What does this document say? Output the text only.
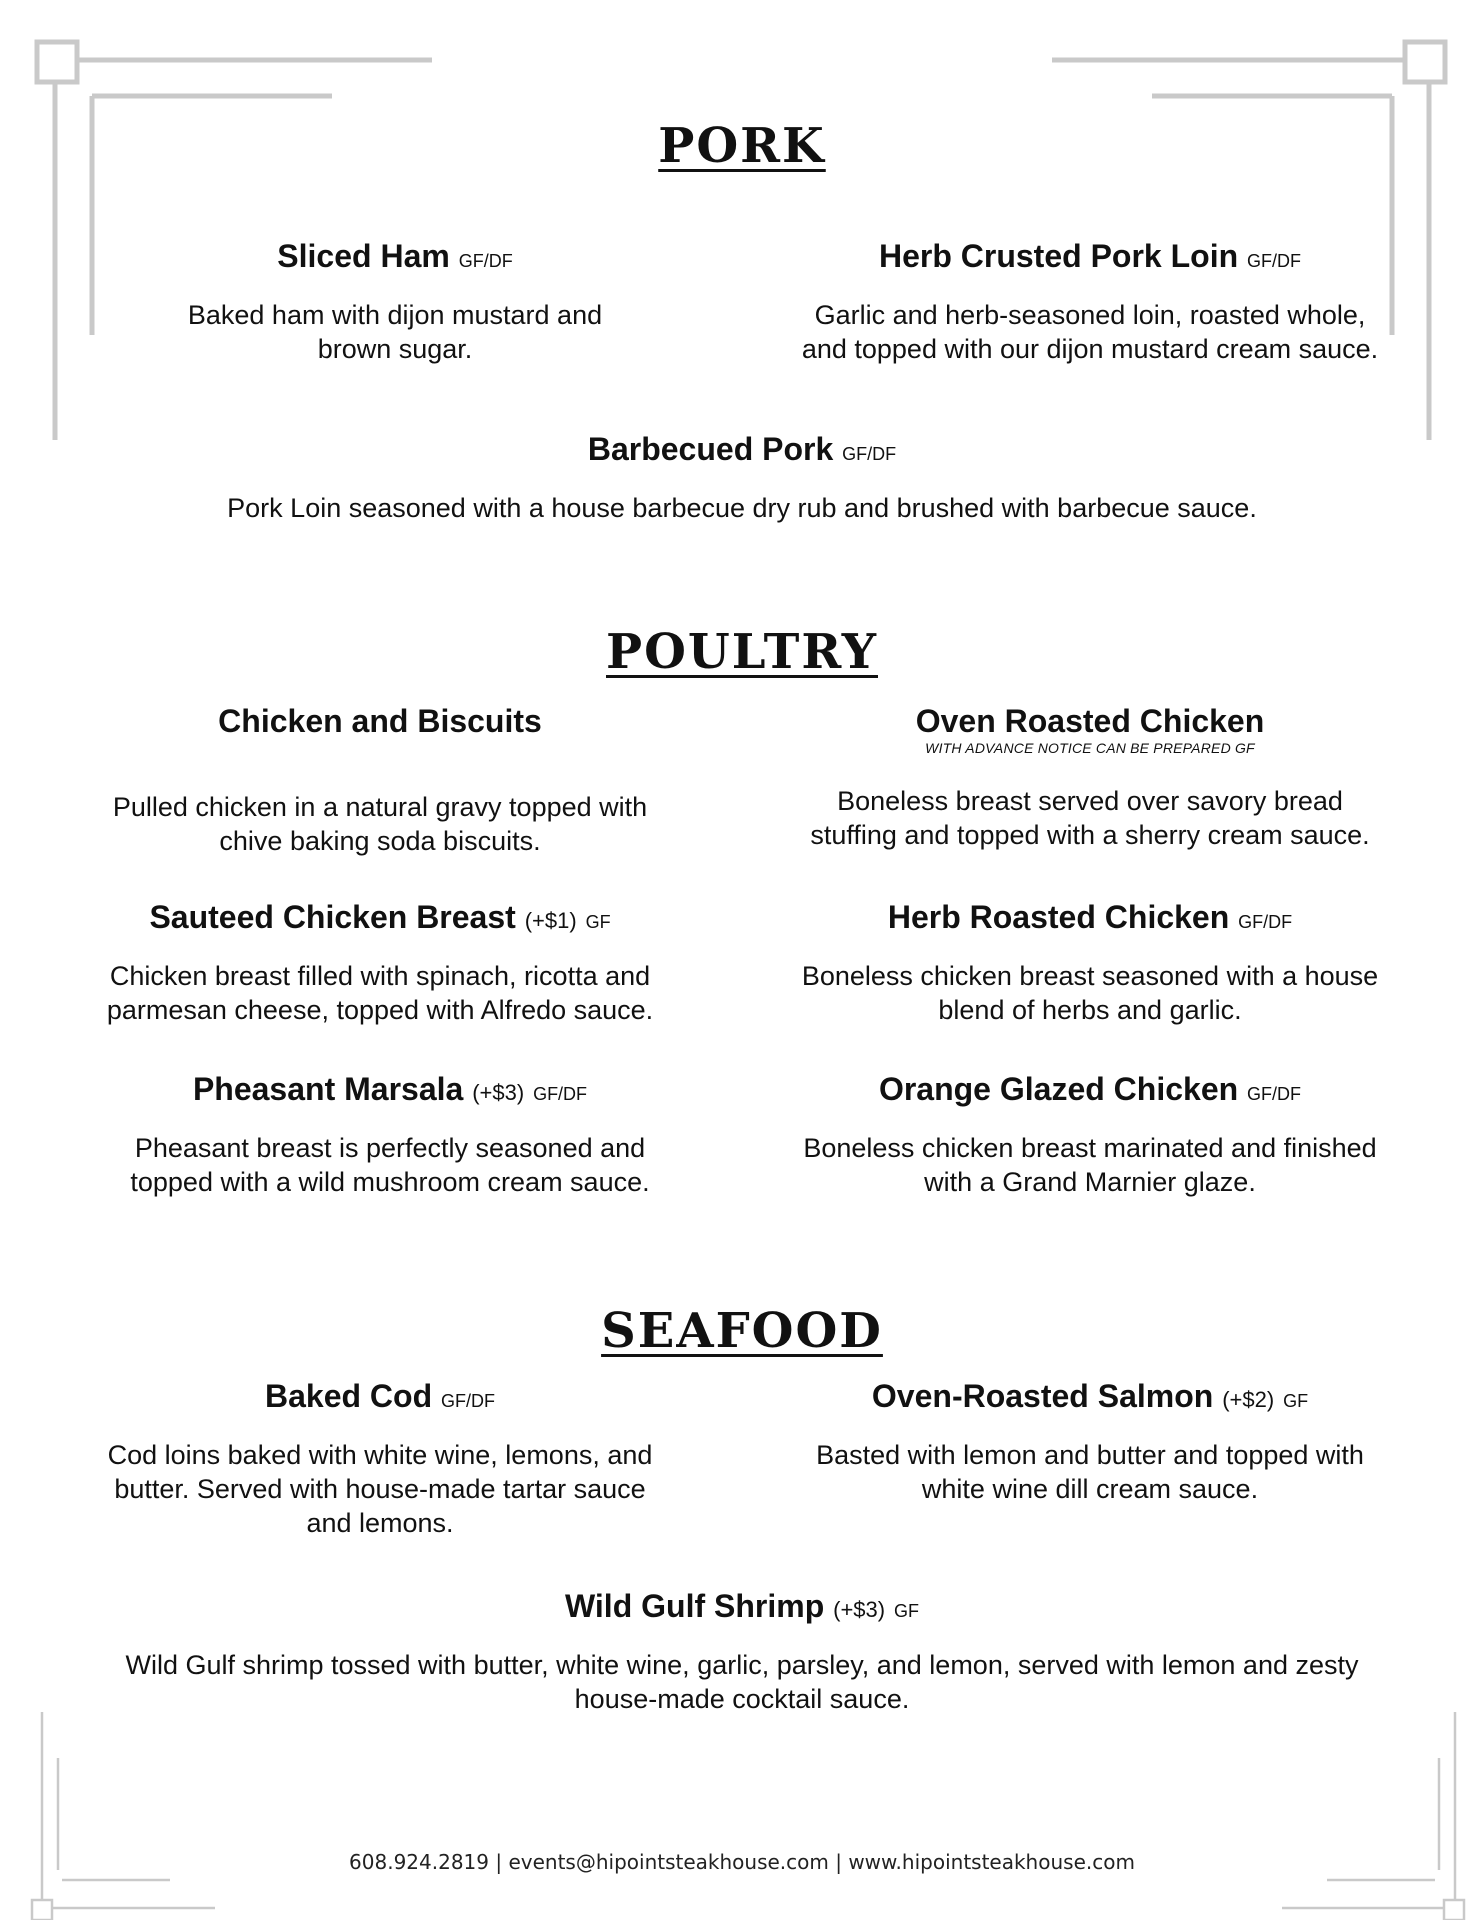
PORK
Sliced Ham GF/DF
Baked ham with dijon mustard and
brown sugar.
Herb Crusted Pork Loin GF/DF
Garlic and herb-seasoned loin, roasted whole,
and topped with our dijon mustard cream sauce.
Barbecued Pork GF/DF
Pork Loin seasoned with a house barbecue dry rub and brushed with barbecue sauce.
POULTRY
Chicken and Biscuits
Pulled chicken in a natural gravy topped with
chive baking soda biscuits.
Oven Roasted Chicken
WITH ADVANCE NOTICE CAN BE PREPARED GF
Boneless breast served over savory bread
stuffing and topped with a sherry cream sauce.
Sauteed Chicken Breast (+$1) GF
Chicken breast filled with spinach, ricotta and
parmesan cheese, topped with Alfredo sauce.
Herb Roasted Chicken GF/DF
Boneless chicken breast seasoned with a house
blend of herbs and garlic.
Pheasant Marsala (+$3) GF/DF
Pheasant breast is perfectly seasoned and
topped with a wild mushroom cream sauce.
Orange Glazed Chicken GF/DF
Boneless chicken breast marinated and finished
with a Grand Marnier glaze.
SEAFOOD
Baked Cod GF/DF
Cod loins baked with white wine, lemons, and
butter. Served with house-made tartar sauce
and lemons.
Oven-Roasted Salmon (+$2) GF
Basted with lemon and butter and topped with
white wine dill cream sauce.
Wild Gulf Shrimp (+$3) GF
Wild Gulf shrimp tossed with butter, white wine, garlic, parsley, and lemon, served with lemon and zesty
house-made cocktail sauce.
608.924.2819 | events@hipointsteakhouse.com | www.hipointsteakhouse.com
